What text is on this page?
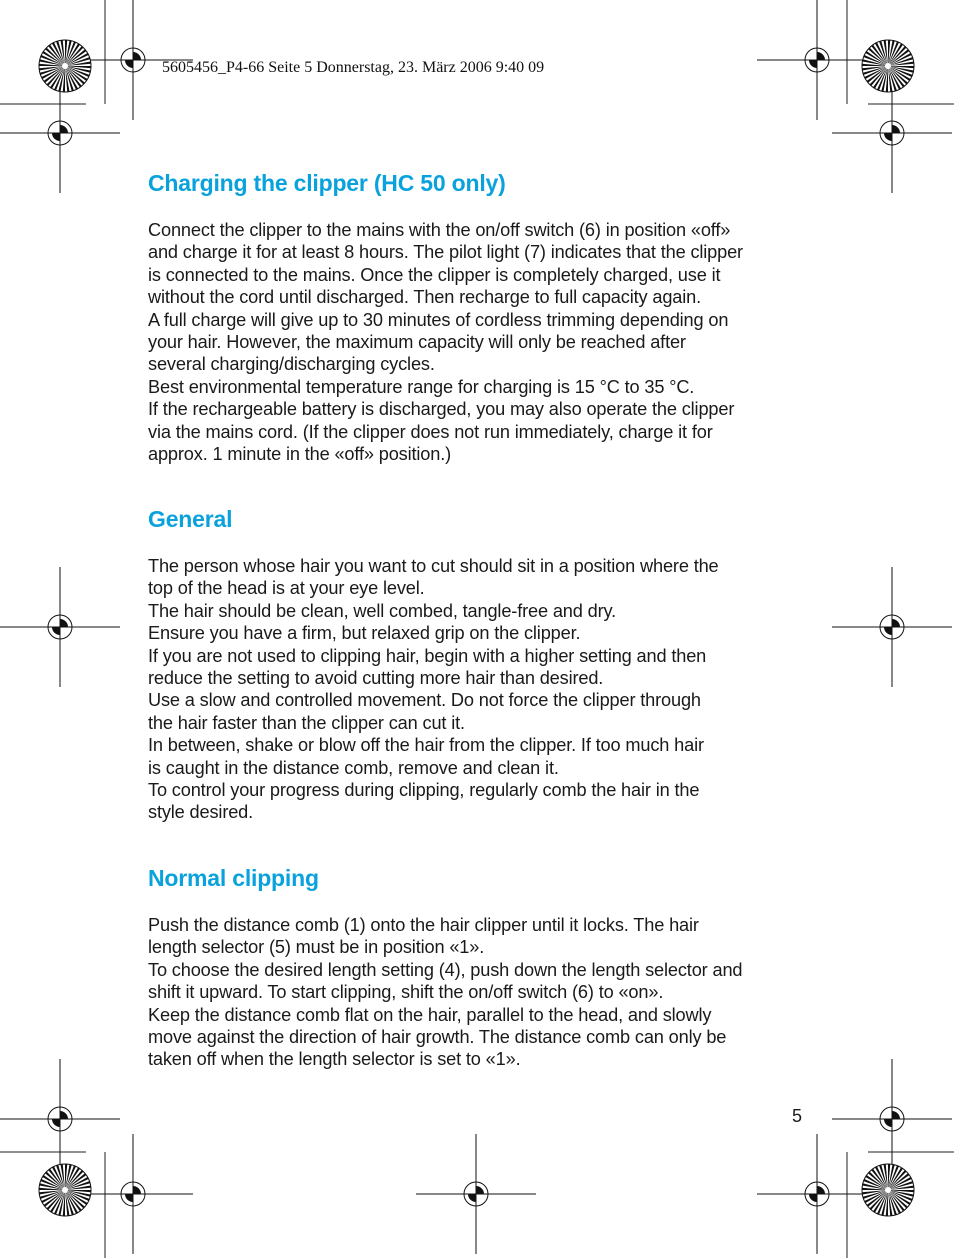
5605456_P4-66 Seite 5 Donnerstag, 23. März 2006 9:40 09
Charging the clipper (HC 50 only)

Connect the clipper to the mains with the on/off switch (6) in position «off»

and charge it for at least 8 hours. The pilot light (7) indicates that the clipper

is connected to the mains. Once the clipper is completely charged, use it

without the cord until discharged. Then recharge to full capacity again.

A full charge will give up to 30 minutes of cordless trimming depending on

your hair. However, the maximum capacity will only be reached after

several charging/discharging cycles.

Best environmental temperature range for charging is 15 °C to 35 °C.

If the rechargeable battery is discharged, you may also operate the clipper

via the mains cord. (If the clipper does not run immediately, charge it for

approx. 1 minute in the «off» position.)

General

The person whose hair you want to cut should sit in a position where the

top of the head is at your eye level.

The hair should be clean, well combed, tangle-free and dry.

Ensure you have a firm, but relaxed grip on the clipper.

If you are not used to clipping hair, begin with a higher setting and then

reduce the setting to avoid cutting more hair than desired.

Use a slow and controlled movement. Do not force the clipper through

the hair faster than the clipper can cut it.

In between, shake or blow off the hair from the clipper. If too much hair

is caught in the distance comb, remove and clean it.

To control your progress during clipping, regularly comb the hair in the

style desired.

Normal clipping

Push the distance comb (1) onto the hair clipper until it locks. The hair

length selector (5) must be in position «1».

To choose the desired length setting (4), push down the length selector and

shift it upward. To start clipping, shift the on/off switch (6) to «on».

Keep the distance comb flat on the hair, parallel to the head, and slowly

move against the direction of hair growth. The distance comb can only be

taken off when the length selector is set to «1».

5
